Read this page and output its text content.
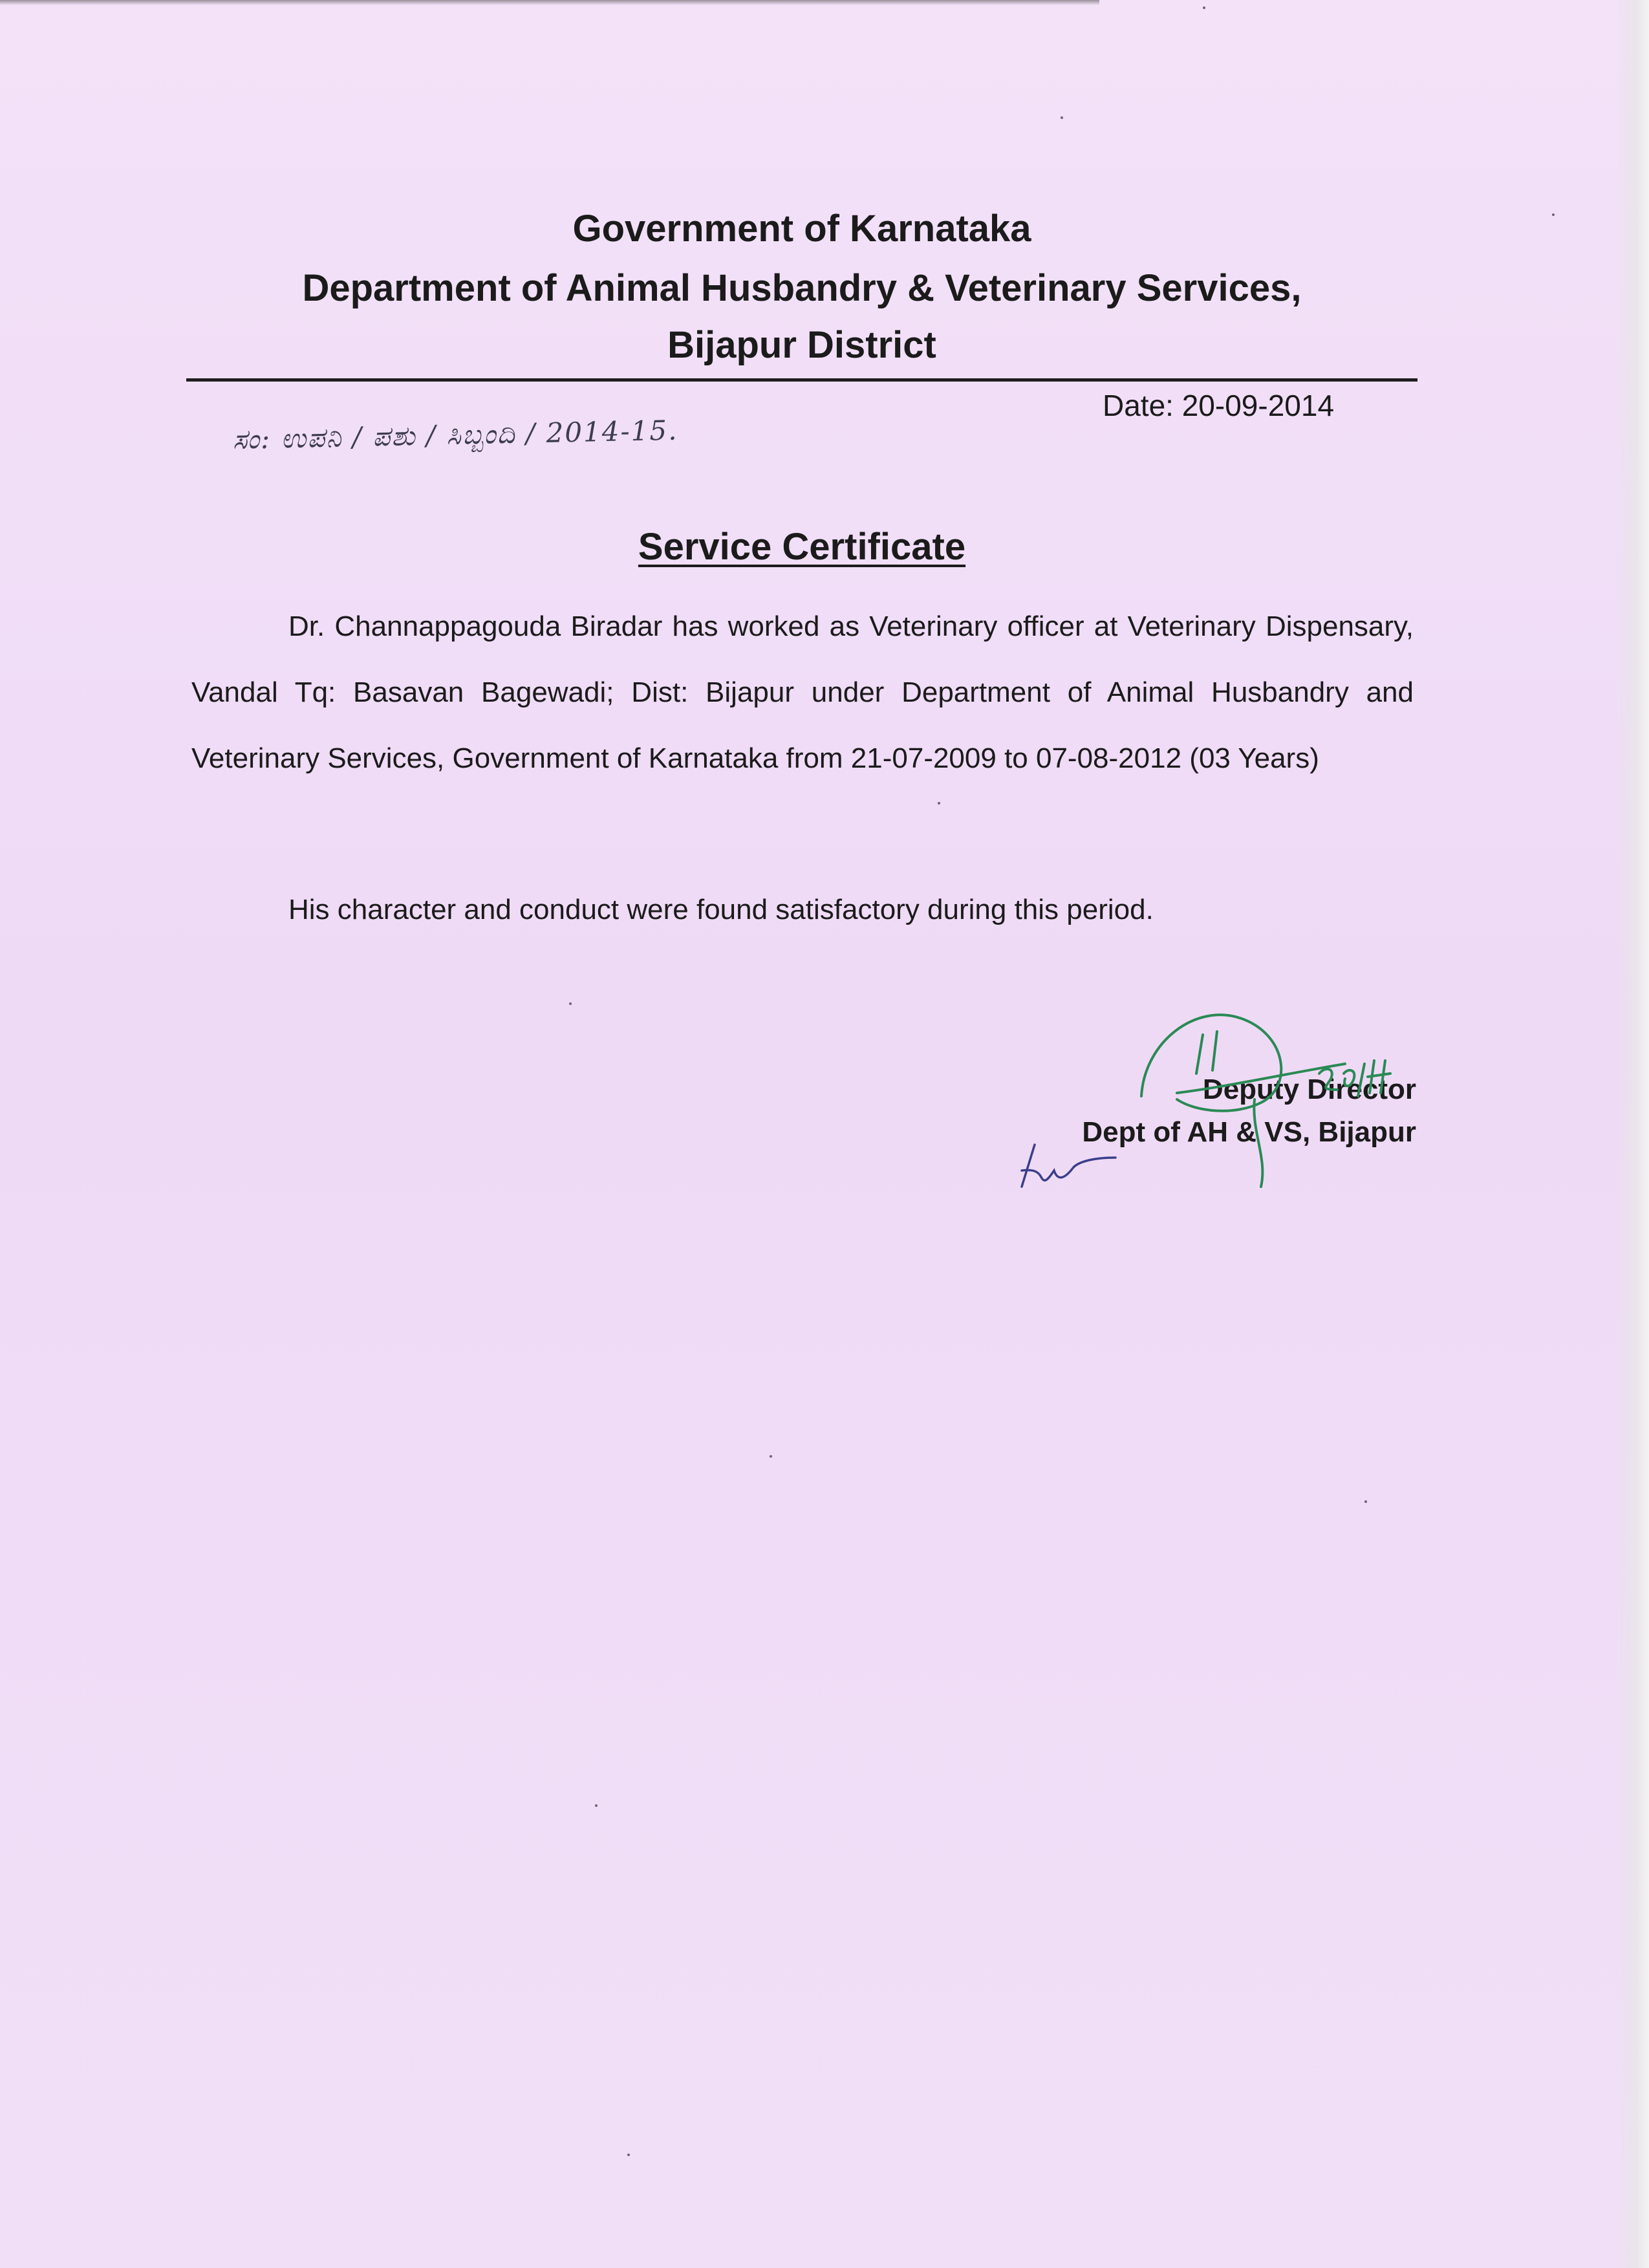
Government of Karnataka
Department of Animal Husbandry & Veterinary Services,
Bijapur District
Date: 20-09-2014
ಸಂ: ಉಪನಿ / ಪಶು / ಸಿಬ್ಬಂದಿ / 2014-15.
Service Certificate
Dr. Channappagouda Biradar has worked as Veterinary officer at Veterinary Dispensary, Vandal Tq: Basavan Bagewadi; Dist: Bijapur under Department of Animal Husbandry and Veterinary Services, Government of Karnataka from 21-07-2009 to 07-08-2012 (03 Years)
His character and conduct were found satisfactory during this period.
Deputy Director
Dept of AH & VS, Bijapur
